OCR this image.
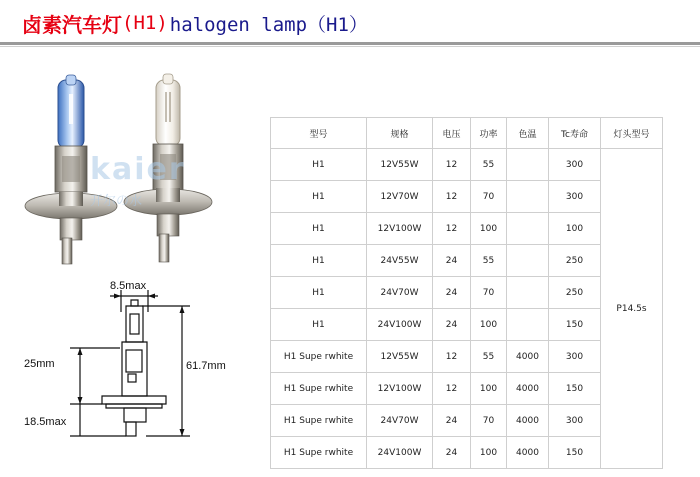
卤素汽车灯 (H1) halogen lamp（H1）
kaier
开尔の水
8.5max
25mm	61.7mm
18.5max
型号	规格	电压	功率	色温	Tc寿命	灯头型号
H1	12V55W	12	55		300	P14.5s
H1	12V70W	12	70		300	
H1	12V100W	12	100		100	
H1	24V55W	24	55		250	
H1	24V70W	24	70		250	
H1	24V100W	24	100		150	
H1 Supe rwhite	12V55W	12	55	4000	300	
H1 Supe rwhite	12V100W	12	100	4000	150	
H1 Supe rwhite	24V70W	24	70	4000	300	
H1 Supe rwhite	24V100W	24	100	4000	150	
